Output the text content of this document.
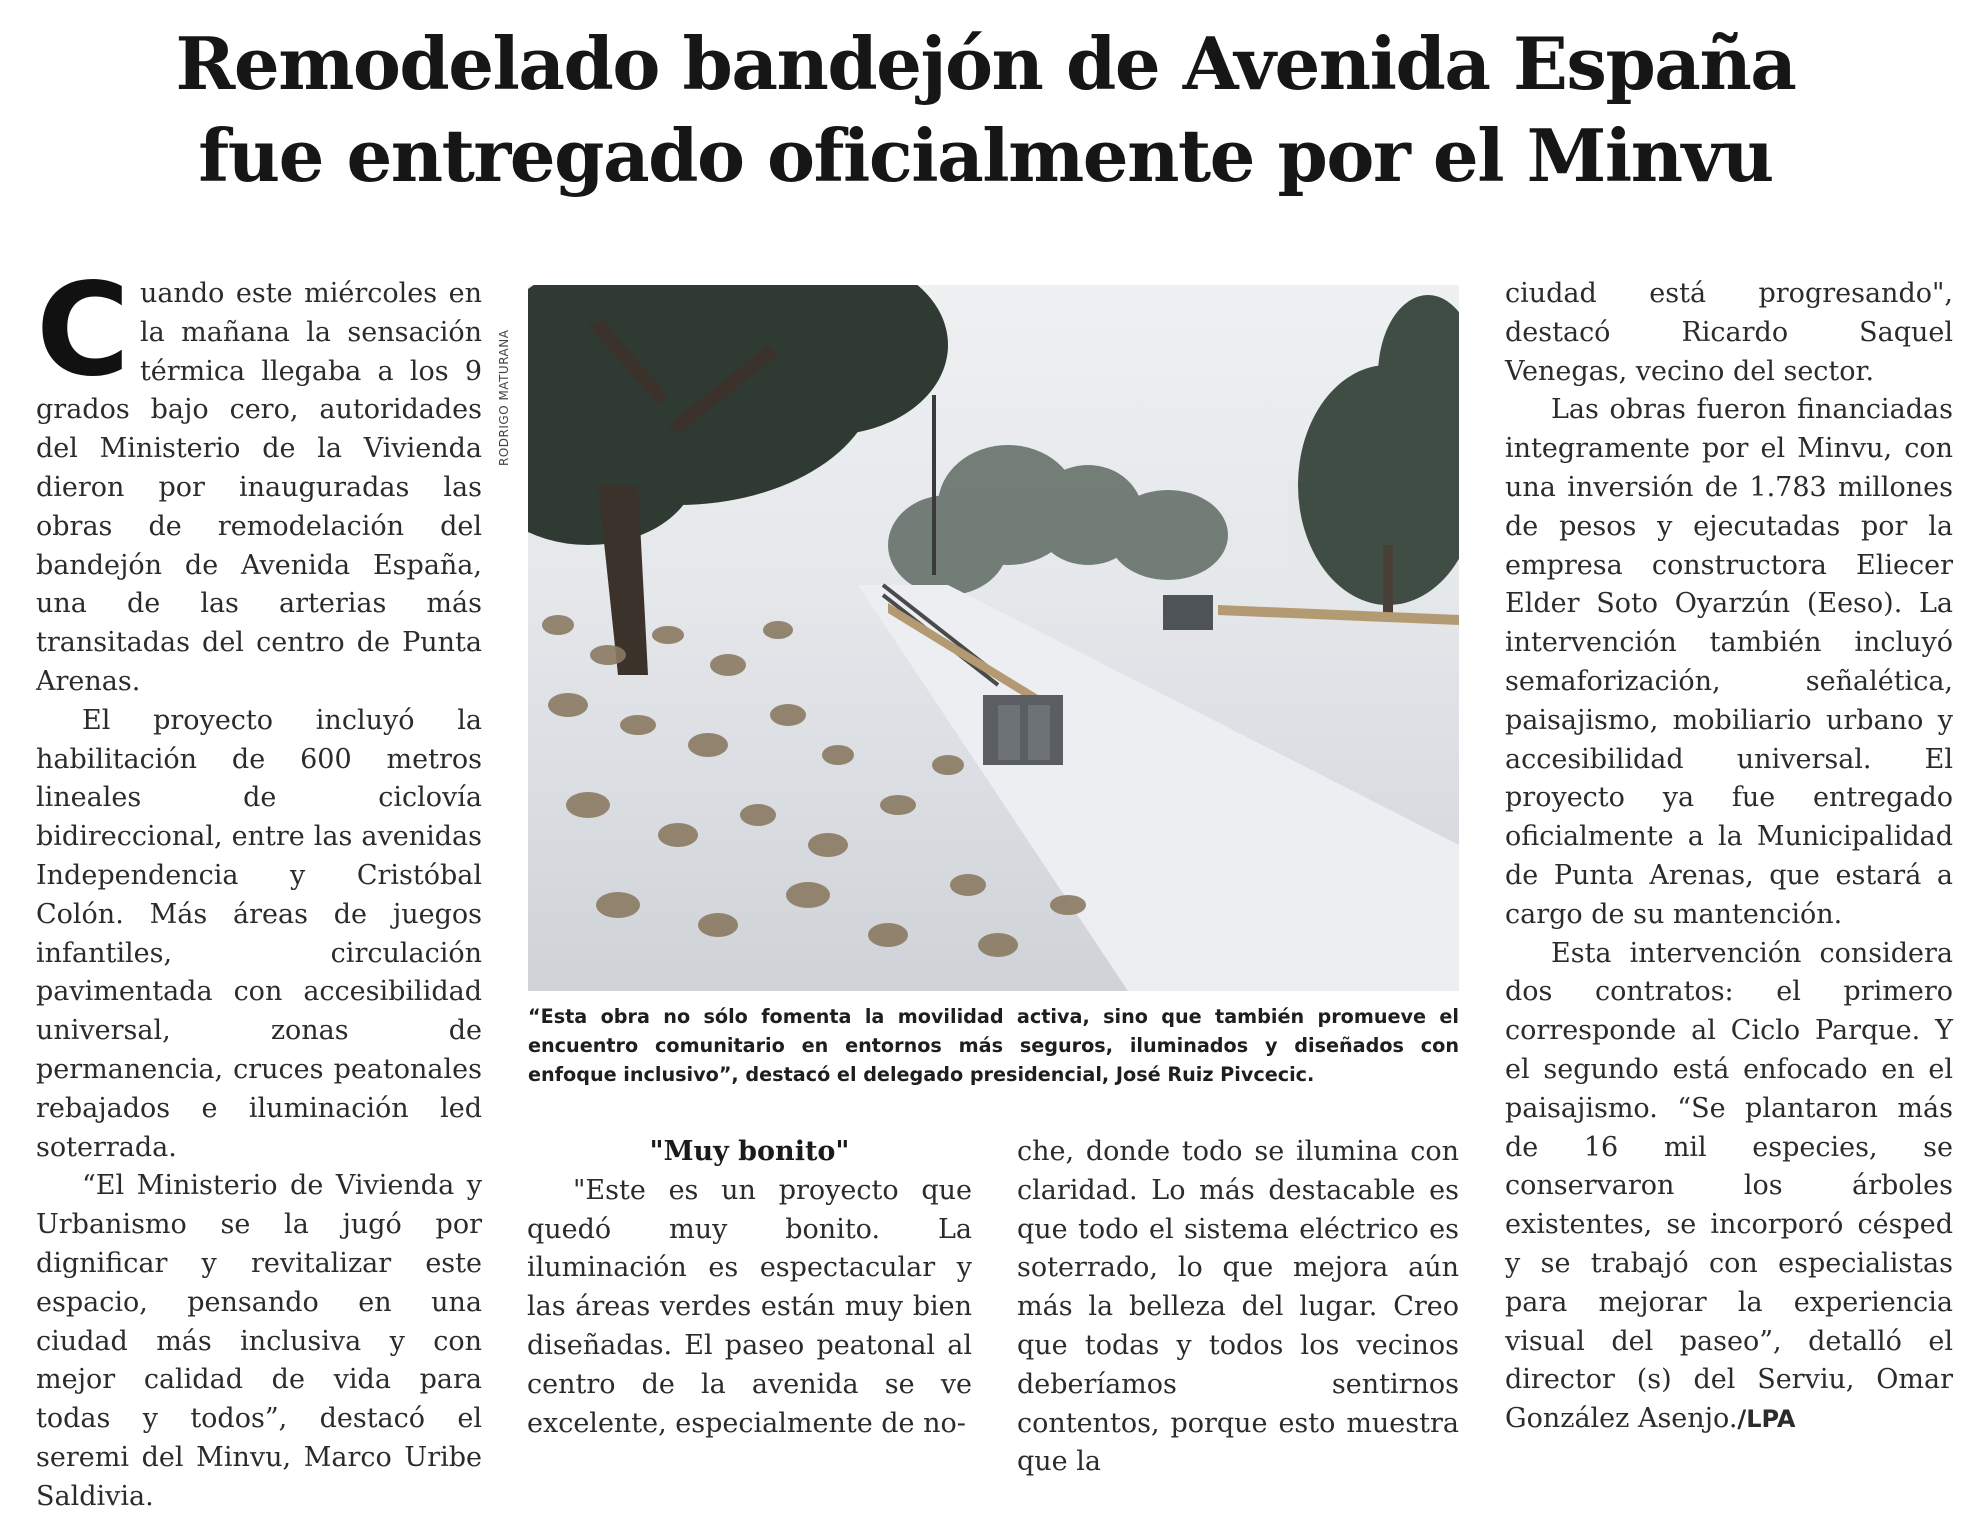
Remodelado bandejón de Avenida España
fue entregado oficialmente por el Minvu

Cuando este miércoles en la mañana la sensación térmica llegaba a los 9 grados bajo cero, autoridades del Ministerio de la Vivienda dieron por inauguradas las obras de remodelación del bandejón de Avenida España, una de las arterias más transitadas del centro de Punta Arenas.

El proyecto incluyó la habilitación de 600 metros lineales de ciclovía bidireccional, entre las avenidas Independencia y Cristóbal Colón. Más áreas de juegos infantiles, circulación pavimentada con accesibilidad universal, zonas de permanencia, cruces peatonales rebajados e iluminación led soterrada.

“El Ministerio de Vivienda y Urbanismo se la jugó por dignificar y revitalizar este espacio, pensando en una ciudad más inclusiva y con mejor calidad de vida para todas y todos”, destacó el seremi del Minvu, Marco Uribe Saldivia.

RODRIGO MATURANA
“Esta obra no sólo fomenta la movilidad activa, sino que también promueve el encuentro comunitario en entornos más seguros, iluminados y diseñados con enfoque inclusivo”, destacó el delegado presidencial, José Ruiz Pivcecic.

"Muy bonito"

"Este es un proyecto que quedó muy bonito. La iluminación es espectacular y las áreas verdes están muy bien diseñadas. El paseo peatonal al centro de la avenida se ve excelente, especialmente de no-

che, donde todo se ilumina con claridad. Lo más destacable es que todo el sistema eléctrico es soterrado, lo que mejora aún más la belleza del lugar. Creo que todas y todos los vecinos deberíamos sentirnos contentos, porque esto muestra que la

ciudad está progresando", destacó Ricardo Saquel Venegas, vecino del sector.

Las obras fueron financiadas integramente por el Minvu, con una inversión de 1.783 millones de pesos y ejecutadas por la empresa constructora Eliecer Elder Soto Oyarzún (Eeso). La intervención también incluyó semaforización, señalética, paisajismo, mobiliario urbano y accesibilidad universal. El proyecto ya fue entregado oficialmente a la Municipalidad de Punta Arenas, que estará a cargo de su mantención.

Esta intervención considera dos contratos: el primero corresponde al Ciclo Parque. Y el segundo está enfocado en el paisajismo. “Se plantaron más de 16 mil especies, se conservaron los árboles existentes, se incorporó césped y se trabajó con especialistas para mejorar la experiencia visual del paseo”, detalló el director (s) del Serviu, Omar González Asenjo./LPA
